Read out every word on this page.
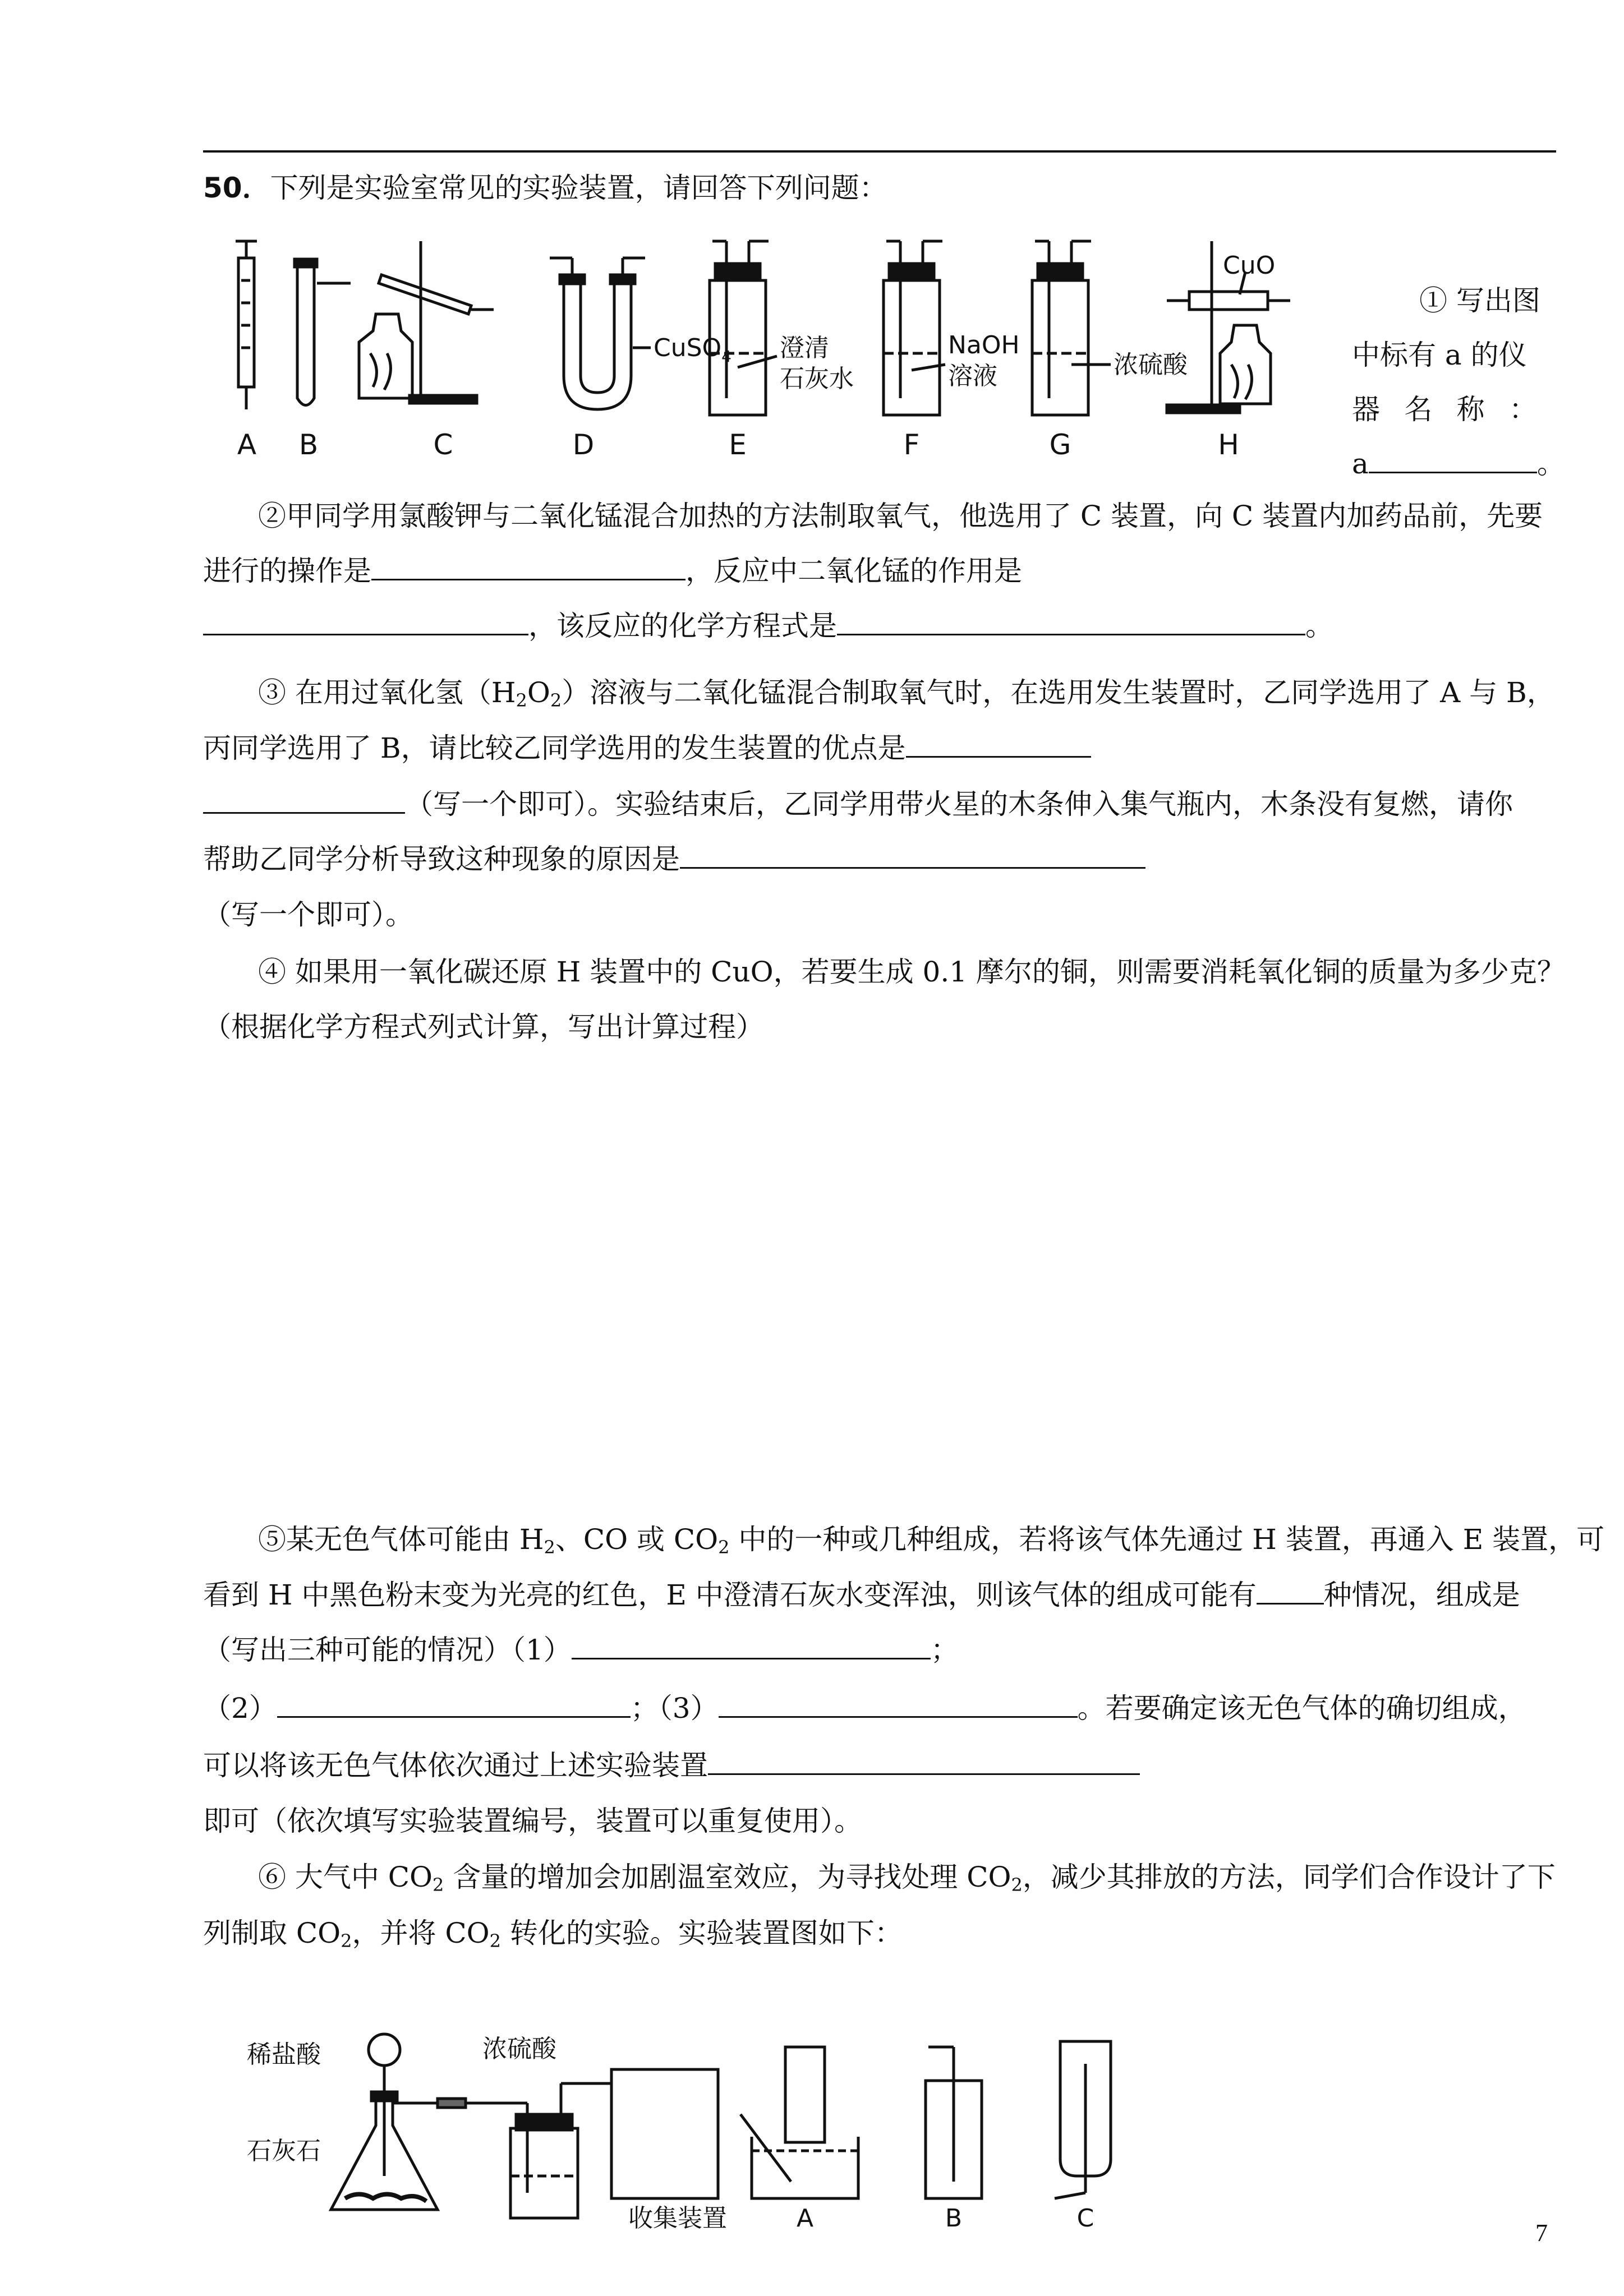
50．下列是实验室常见的实验装置，请回答下列问题：
CuSO$_4$ 澄清
石灰水
NaOH
溶液	浓硫酸
CuO
A B	C	D	E	F	G	H
① 写出图
中标有 a 的仪
器 名 称 ：
a	。
②甲同学用氯酸钾与二氧化锰混合加热的方法制取氧气，他选用了 C 装置，向 C 装置内加药品前，先要
进行的操作是	，反应中二氧化锰的作用是
，该反应的化学方程式是	。
③ 在用过氧化氢$(H_2O_2)$溶液与二氧化锰混合制取氧气时，在选用发生装置时，乙同学选用了 A 与 B，
丙同学选用了 B，请比较乙同学选用的发生装置的优点是
（写一个即可）。实验结束后，乙同学用带火星的木条伸入集气瓶内，木条没有复燃，请你
帮助乙同学分析导致这种现象的原因是
（写一个即可）。
④ 如果用一氧化碳还原 H 装置中的 CuO，若要生成 0.1 摩尔的铜，则需要消耗氧化铜的质量为多少克？
（根据化学方程式列式计算，写出计算过程）
⑤某无色气体可能由 $H_2$、CO 或 $CO_2$ 中的一种或几种组成，若将该气体先通过 H 装置，再通入 E 装置，可
看到 H 中黑色粉末变为光亮的红色，E 中澄清石灰水变浑浊，则该气体的组成可能有 种情况，组成是
（写出三种可能的情况）（1）	；
（2）	；（3）	。若要确定该无色气体的确切组成，
可以将该无色气体依次通过上述实验装置
即可（依次填写实验装置编号，装置可以重复使用）。
⑥ 大气中 $CO_2$ 含量的增加会加剧温室效应，为寻找处理 $CO_2$，减少其排放的方法，同学们合作设计了下
列制取 $CO_2$，并将 $CO_2$ 转化的实验。实验装置图如下：
稀盐酸	浓硫酸
石灰石
收集装置	A	B	C
7
